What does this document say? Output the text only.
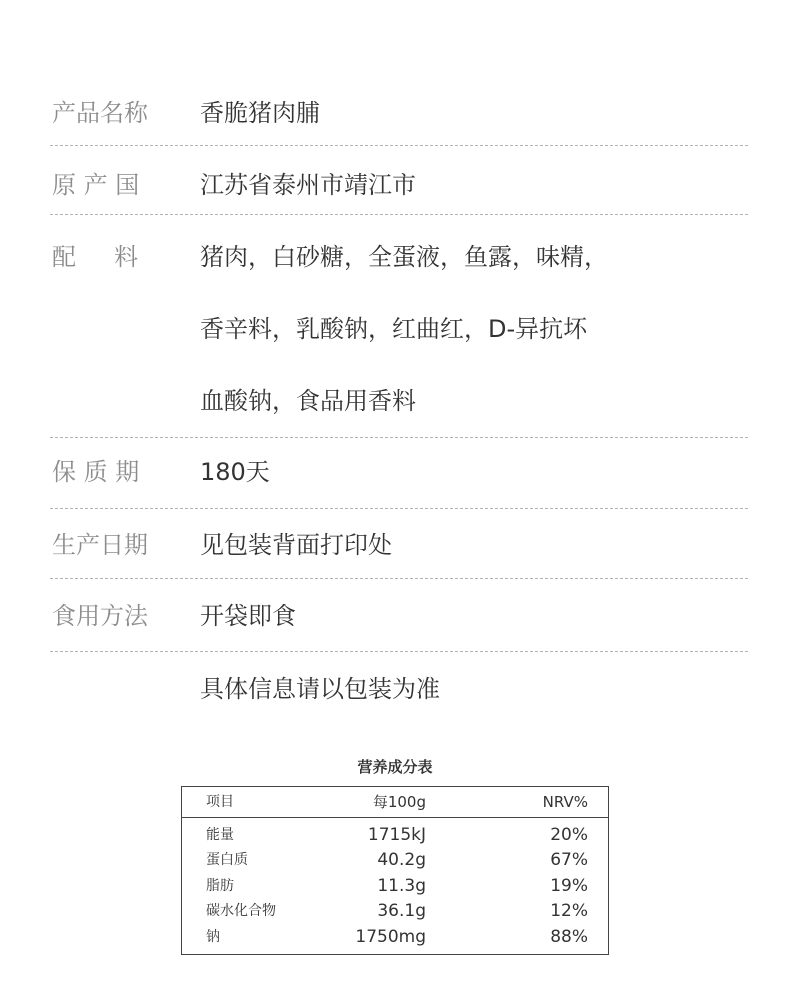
产品名称 香脆猪肉脯
原 产 国	江苏省泰州市靖江市
配     料	猪肉，白砂糖，全蛋液，鱼露，味精，
香辛料，乳酸钠，红曲红，D-异抗坏
血酸钠，食品用香料
保 质 期	180天
生产日期 见包装背面打印处
食用方法 开袋即食
具体信息请以包装为准
营养成分表
项目	每100g	NRV%
能量	1715kJ	20%
蛋白质	40.2g	67%
脂肪	11.3g	19%
碳水化合物	36.1g	12%
钠	1750mg	88%
